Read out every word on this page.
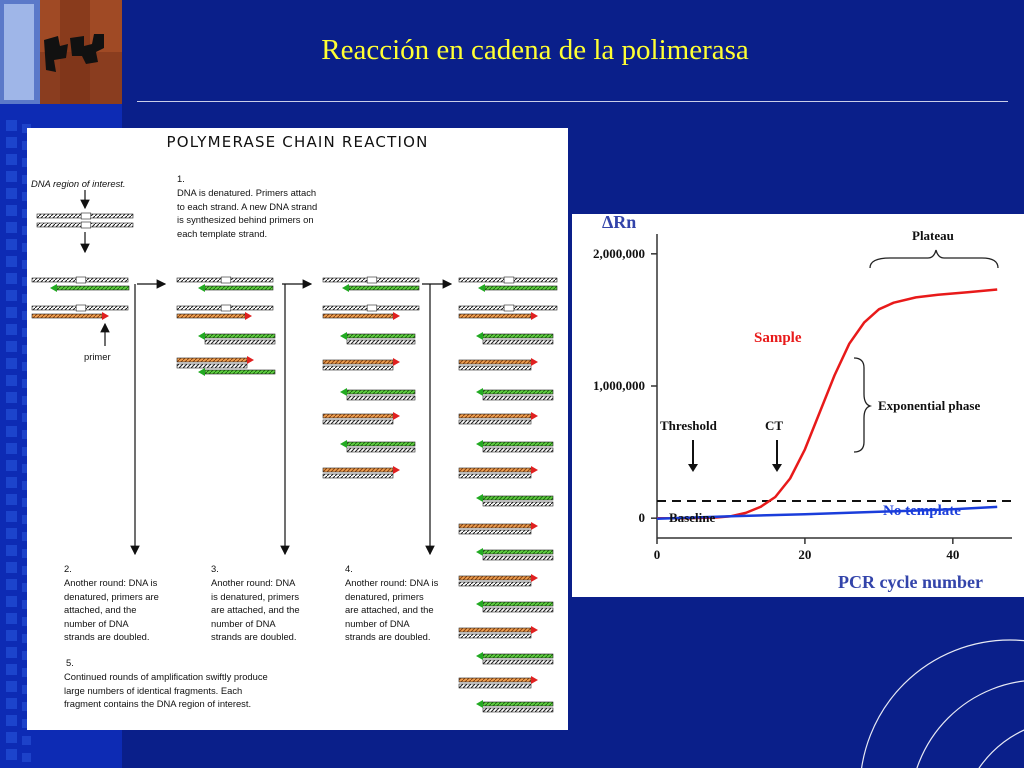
Reacción en cadena de la polimerasa
POLYMERASE CHAIN REACTION
DNA region of interest.	1.
DNA is denatured. Primers attach
to each strand. A new DNA strand
is synthesized behind primers on
each template strand.
primer
2.
Another round: DNA is
denatured, primers are
attached, and the
number of DNA
strands are doubled.
3.
Another round: DNA
is denatured, primers
are attached, and the
number of DNA
strands are doubled.
4.
Another round: DNA is
denatured, primers
are attached, and the
number of DNA
strands are doubled.
5.
Continued rounds of amplification swiftly produce
large numbers of identical fragments. Each
fragment contains the DNA region of interest.
0
1,000,000
2,000,000
0	20	40
ΔRn
PCR cycle number
Plateau
Sample
Exponential phase
Threshold	CT
Baseline	No template
